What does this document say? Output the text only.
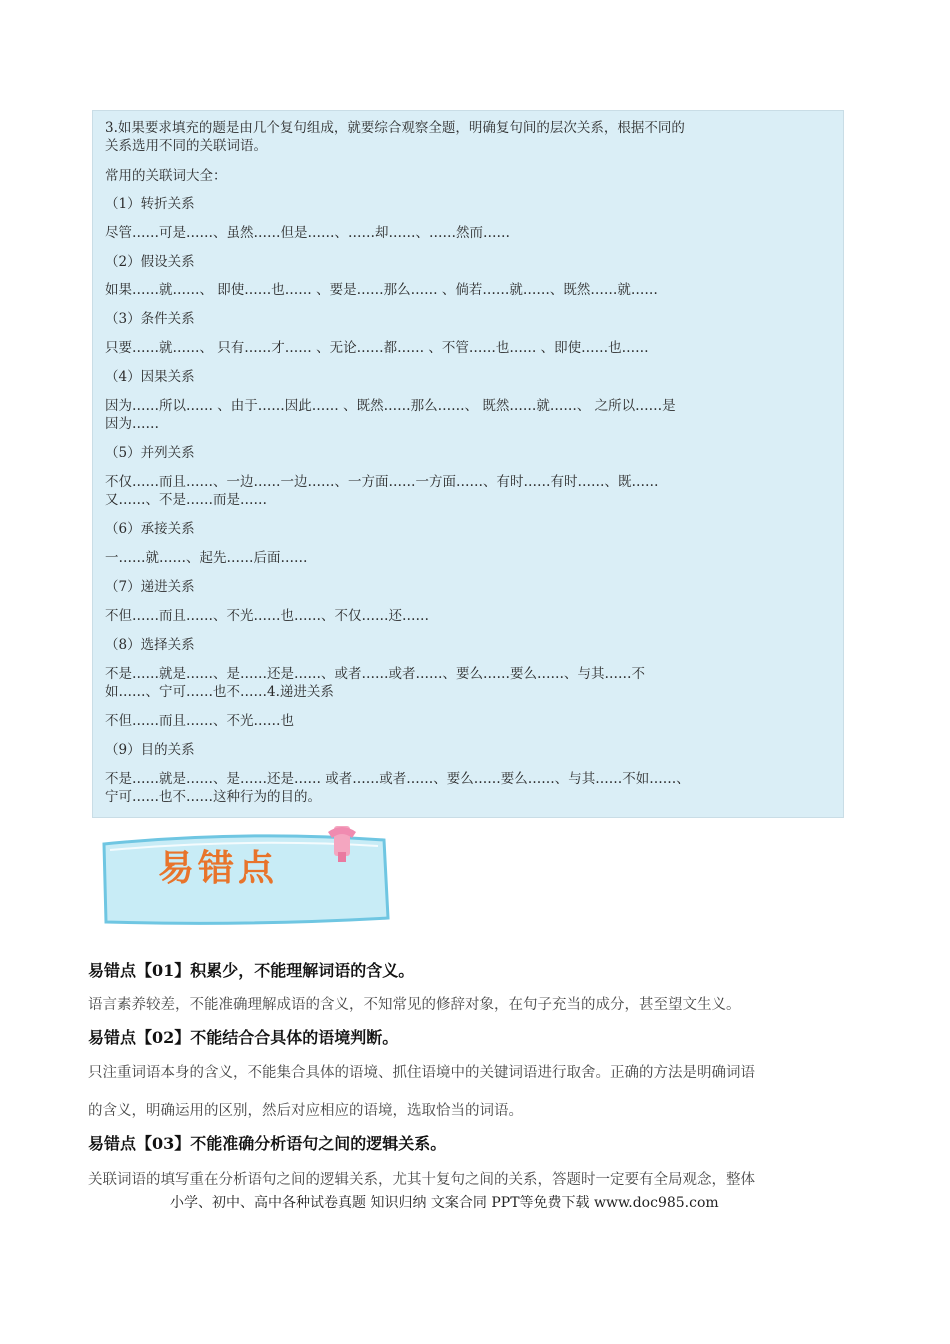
3.如果要求填充的题是由几个复句组成，就要综合观察全题，明确复句间的层次关系，根据不同的
关系选用不同的关联词语。
常用的关联词大全：
（1）转折关系
尽管……可是……、虽然……但是……、……却……、……然而……
（2）假设关系
如果……就……、 即使……也…… 、要是……那么…… 、倘若……就……、既然……就……
（3）条件关系
只要……就……、 只有……才…… 、无论……都…… 、不管……也…… 、即使……也……
（4）因果关系
因为……所以…… 、由于……因此…… 、既然……那么……、 既然……就……、 之所以……是
因为……
（5）并列关系
不仅……而且……、一边……一边……、一方面……一方面……、有时……有时……、既……
又……、不是……而是……
（6）承接关系
一……就……、起先……后面……
（7）递进关系
不但……而且……、不光……也……、不仅……还……
（8）选择关系
不是……就是……、是……还是……、或者……或者……、要么……要么……、与其……不
如……、宁可……也不……4.递进关系
不但……而且……、不光……也
（9）目的关系
不是……就是……、是……还是…… 或者……或者……、要么……要么……、与其……不如……、
宁可……也不……这种行为的目的。
易错点
易错点【01】积累少，不能理解词语的含义。
语言素养较差，不能准确理解成语的含义，不知常见的修辞对象，在句子充当的成分，甚至望文生义。
易错点【02】不能结合合具体的语境判断。
只注重词语本身的含义，不能集合具体的语境、抓住语境中的关键词语进行取舍。正确的方法是明确词语
的含义，明确运用的区别，然后对应相应的语境，选取恰当的词语。
易错点【03】不能准确分析语句之间的逻辑关系。
关联词语的填写重在分析语句之间的逻辑关系，尤其十复句之间的关系，答题时一定要有全局观念，整体
小学、初中、高中各种试卷真题 知识归纳 文案合同 PPT等免费下载 www.doc985.com
